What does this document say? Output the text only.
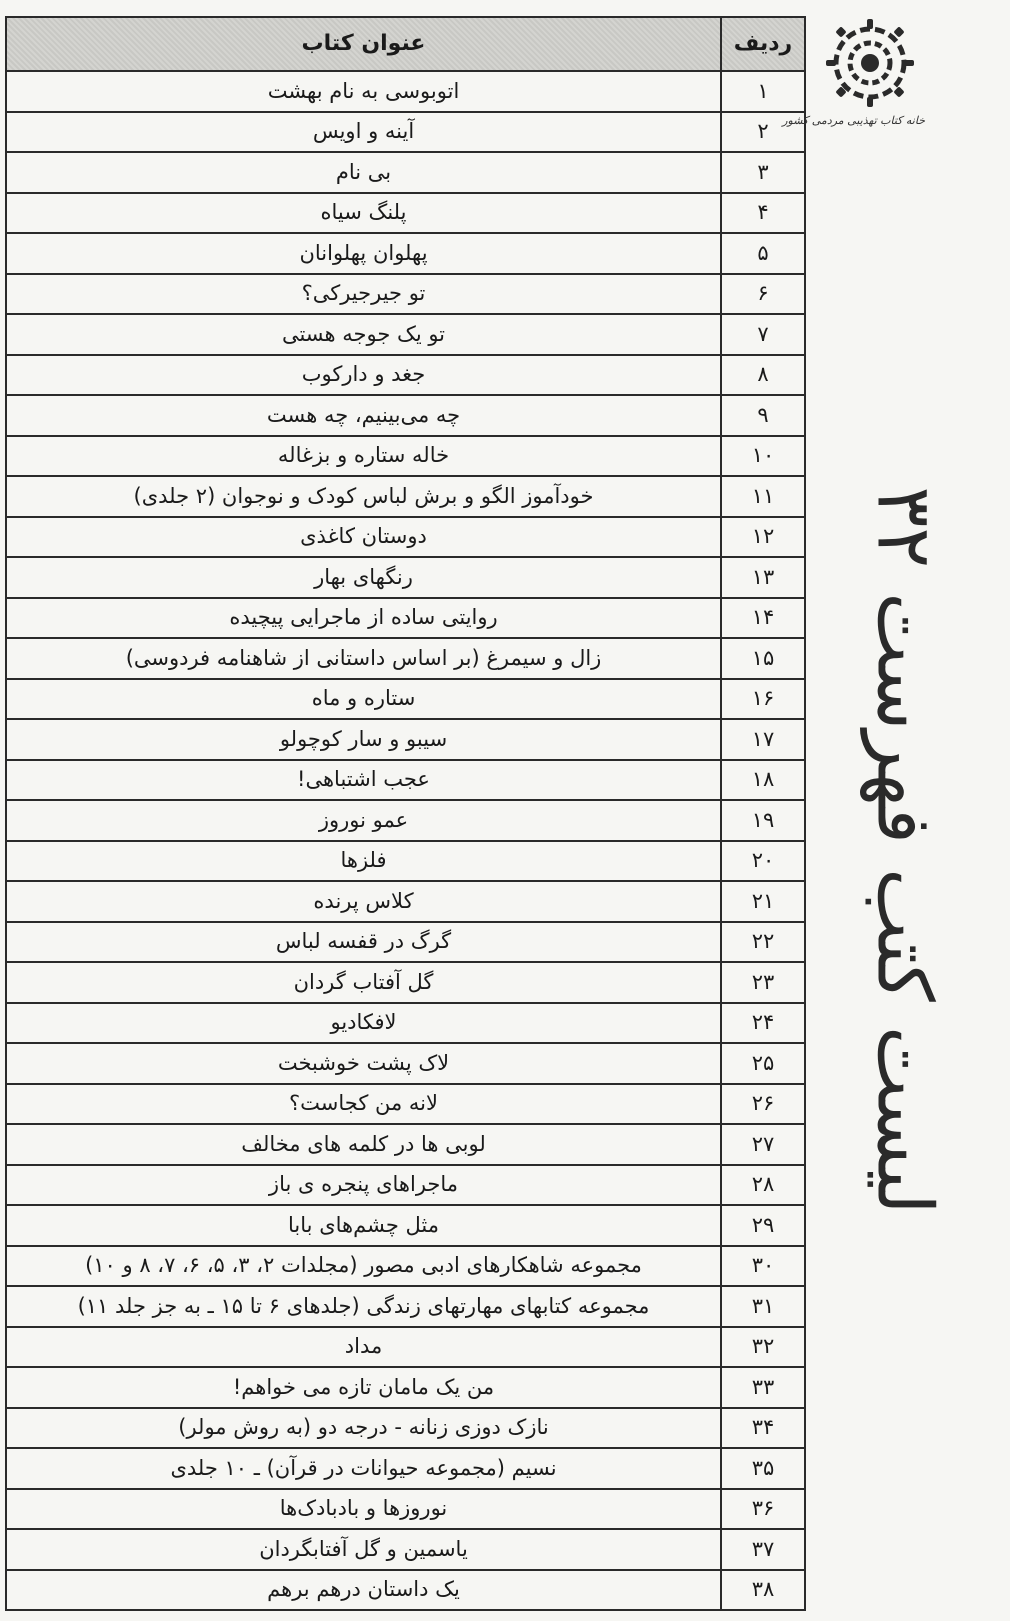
ردیف	عنوان کتاب
۱	اتوبوسی به نام بهشت
۲	آینه و اویس
۳	بی نام
۴	پلنگ سیاه
۵	پهلوان پهلوانان
۶	تو جیرجیرکی؟
۷	تو یک جوجه هستی
۸	جغد و دارکوب
۹	چه می‌بینیم، چه هست
۱۰	خاله ستاره و بزغاله
۱۱	خودآموز الگو و برش لباس کودک و نوجوان (۲ جلدی)
۱۲	دوستان کاغذی
۱۳	رنگهای بهار
۱۴	روایتی ساده از ماجرایی پیچیده
۱۵	زال و سیمرغ (بر اساس داستانی از شاهنامه فردوسی)
۱۶	ستاره و ماه
۱۷	سیبو و سار کوچولو
۱۸	عجب اشتباهی!
۱۹	عمو نوروز
۲۰	فلزها
۲۱	کلاس پرنده
۲۲	گرگ در قفسه لباس
۲۳	گل آفتاب گردان
۲۴	لافکادیو
۲۵	لاک پشت خوشبخت
۲۶	لانه من کجاست؟
۲۷	لوبی ها در کلمه های مخالف
۲۸	ماجراهای پنجره ی باز
۲۹	مثل چشم‌های بابا
۳۰	مجموعه شاهکارهای ادبی مصور (مجلدات ۲، ۳، ۵، ۶، ۷، ۸ و ۱۰)
۳۱	مجموعه کتابهای مهارتهای زندگی (جلدهای ۶ تا ۱۵ ـ به جز جلد ۱۱)
۳۲	مداد
۳۳	من یک مامان تازه می خواهم!
۳۴	نازک دوزی زنانه - درجه دو (به روش مولر)
۳۵	نسیم (مجموعه حیوانات در قرآن) ـ ۱۰ جلدی
۳۶	نوروزها و بادبادک‌ها
۳۷	یاسمین و گل آفتابگردان
۳۸	یک داستان درهم برهم
خانه کتاب تهذیبی مردمی کشور
لیست کتب فهرست ۳۲
